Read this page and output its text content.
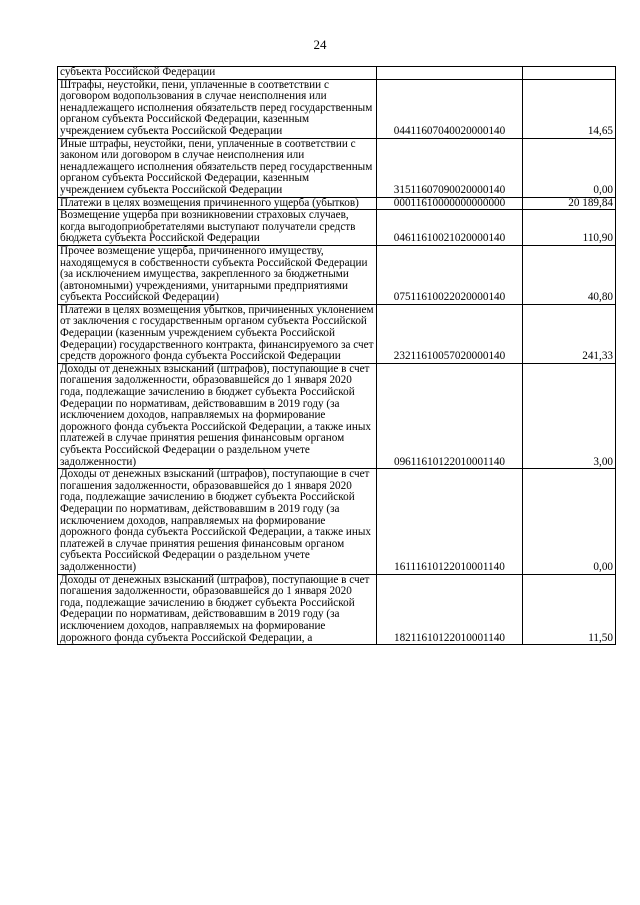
24
субъекта Российской Федерации		
Штрафы, неустойки, пени, уплаченные в соответствии с договором водопользования в случае неисполнения или ненадлежащего исполнения обязательств перед государственным органом субъекта Российской Федерации, казенным учреждением субъекта Российской Федерации	04411607040020000140	14,65
Иные штрафы, неустойки, пени, уплаченные в соответствии с законом или договором в случае неисполнения или ненадлежащего исполнения обязательств перед государственным органом субъекта Российской Федерации, казенным учреждением субъекта Российской Федерации	31511607090020000140	0,00
Платежи в целях возмещения причиненного ущерба (убытков)	00011610000000000000	20 189,84
Возмещение ущерба при возникновении страховых случаев, когда выгодоприобретателями выступают получатели средств бюджета субъекта Российской Федерации	04611610021020000140	110,90
Прочее возмещение ущерба, причиненного имуществу, находящемуся в собственности субъекта Российской Федерации (за исключением имущества, закрепленного за бюджетными (автономными) учреждениями, унитарными предприятиями субъекта Российской Федерации)	07511610022020000140	40,80
Платежи в целях возмещения убытков, причиненных уклонением от заключения с государственным органом субъекта Российской Федерации (казенным учреждением субъекта Российской Федерации) государственного контракта, финансируемого за счет средств дорожного фонда субъекта Российской Федерации	23211610057020000140	241,33
Доходы от денежных взысканий (штрафов), поступающие в счет погашения задолженности, образовавшейся до 1 января 2020 года, подлежащие зачислению в бюджет субъекта Российской Федерации по нормативам, действовавшим в 2019 году (за исключением доходов, направляемых на формирование дорожного фонда субъекта Российской Федерации, а также иных платежей в случае принятия решения финансовым органом субъекта Российской Федерации о раздельном учете задолженности)	09611610122010001140	3,00
Доходы от денежных взысканий (штрафов), поступающие в счет погашения задолженности, образовавшейся до 1 января 2020 года, подлежащие зачислению в бюджет субъекта Российской Федерации по нормативам, действовавшим в 2019 году (за исключением доходов, направляемых на формирование дорожного фонда субъекта Российской Федерации, а также иных платежей в случае принятия решения финансовым органом субъекта Российской Федерации о раздельном учете задолженности)	16111610122010001140	0,00
Доходы от денежных взысканий (штрафов), поступающие в счет погашения задолженности, образовавшейся до 1 января 2020 года, подлежащие зачислению в бюджет субъекта Российской Федерации по нормативам, действовавшим в 2019 году (за исключением доходов, направляемых на формирование дорожного фонда субъекта Российской Федерации, а	18211610122010001140	11,50
